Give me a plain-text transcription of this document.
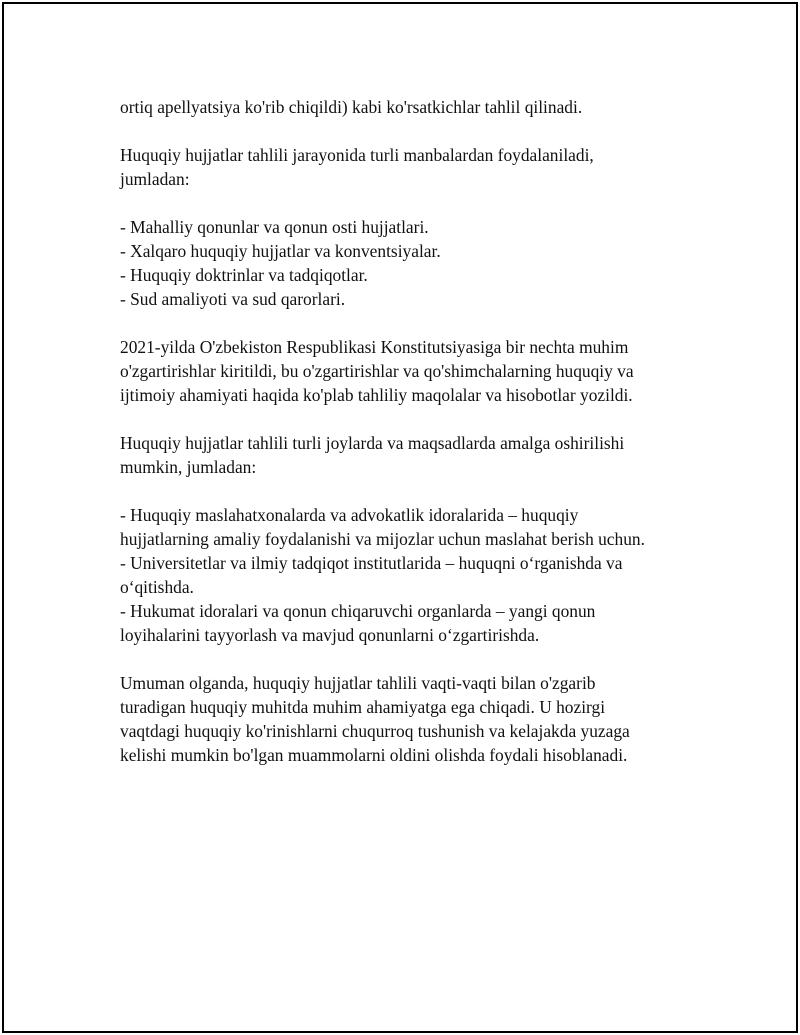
ortiq apellyatsiya ko'rib chiqildi) kabi ko'rsatkichlar tahlil qilinadi.
Huquqiy hujjatlar tahlili jarayonida turli manbalardan foydalaniladi,
jumladan:
- Mahalliy qonunlar va qonun osti hujjatlari.
- Xalqaro huquqiy hujjatlar va konventsiyalar.
- Huquqiy doktrinlar va tadqiqotlar.
- Sud amaliyoti va sud qarorlari.
2021-yilda O'zbekiston Respublikasi Konstitutsiyasiga bir nechta muhim
o'zgartirishlar kiritildi, bu o'zgartirishlar va qo'shimchalarning huquqiy va
ijtimoiy ahamiyati haqida ko'plab tahliliy maqolalar va hisobotlar yozildi.
Huquqiy hujjatlar tahlili turli joylarda va maqsadlarda amalga oshirilishi
mumkin, jumladan:
- Huquqiy maslahatxonalarda va advokatlik idoralarida – huquqiy
hujjatlarning amaliy foydalanishi va mijozlar uchun maslahat berish uchun.
- Universitetlar va ilmiy tadqiqot institutlarida – huquqni o‘rganishda va
o‘qitishda.
- Hukumat idoralari va qonun chiqaruvchi organlarda – yangi qonun
loyihalarini tayyorlash va mavjud qonunlarni o‘zgartirishda.
Umuman olganda, huquqiy hujjatlar tahlili vaqti-vaqti bilan o'zgarib
turadigan huquqiy muhitda muhim ahamiyatga ega chiqadi. U hozirgi
vaqtdagi huquqiy ko'rinishlarni chuqurroq tushunish va kelajakda yuzaga
kelishi mumkin bo'lgan muammolarni oldini olishda foydali hisoblanadi.
